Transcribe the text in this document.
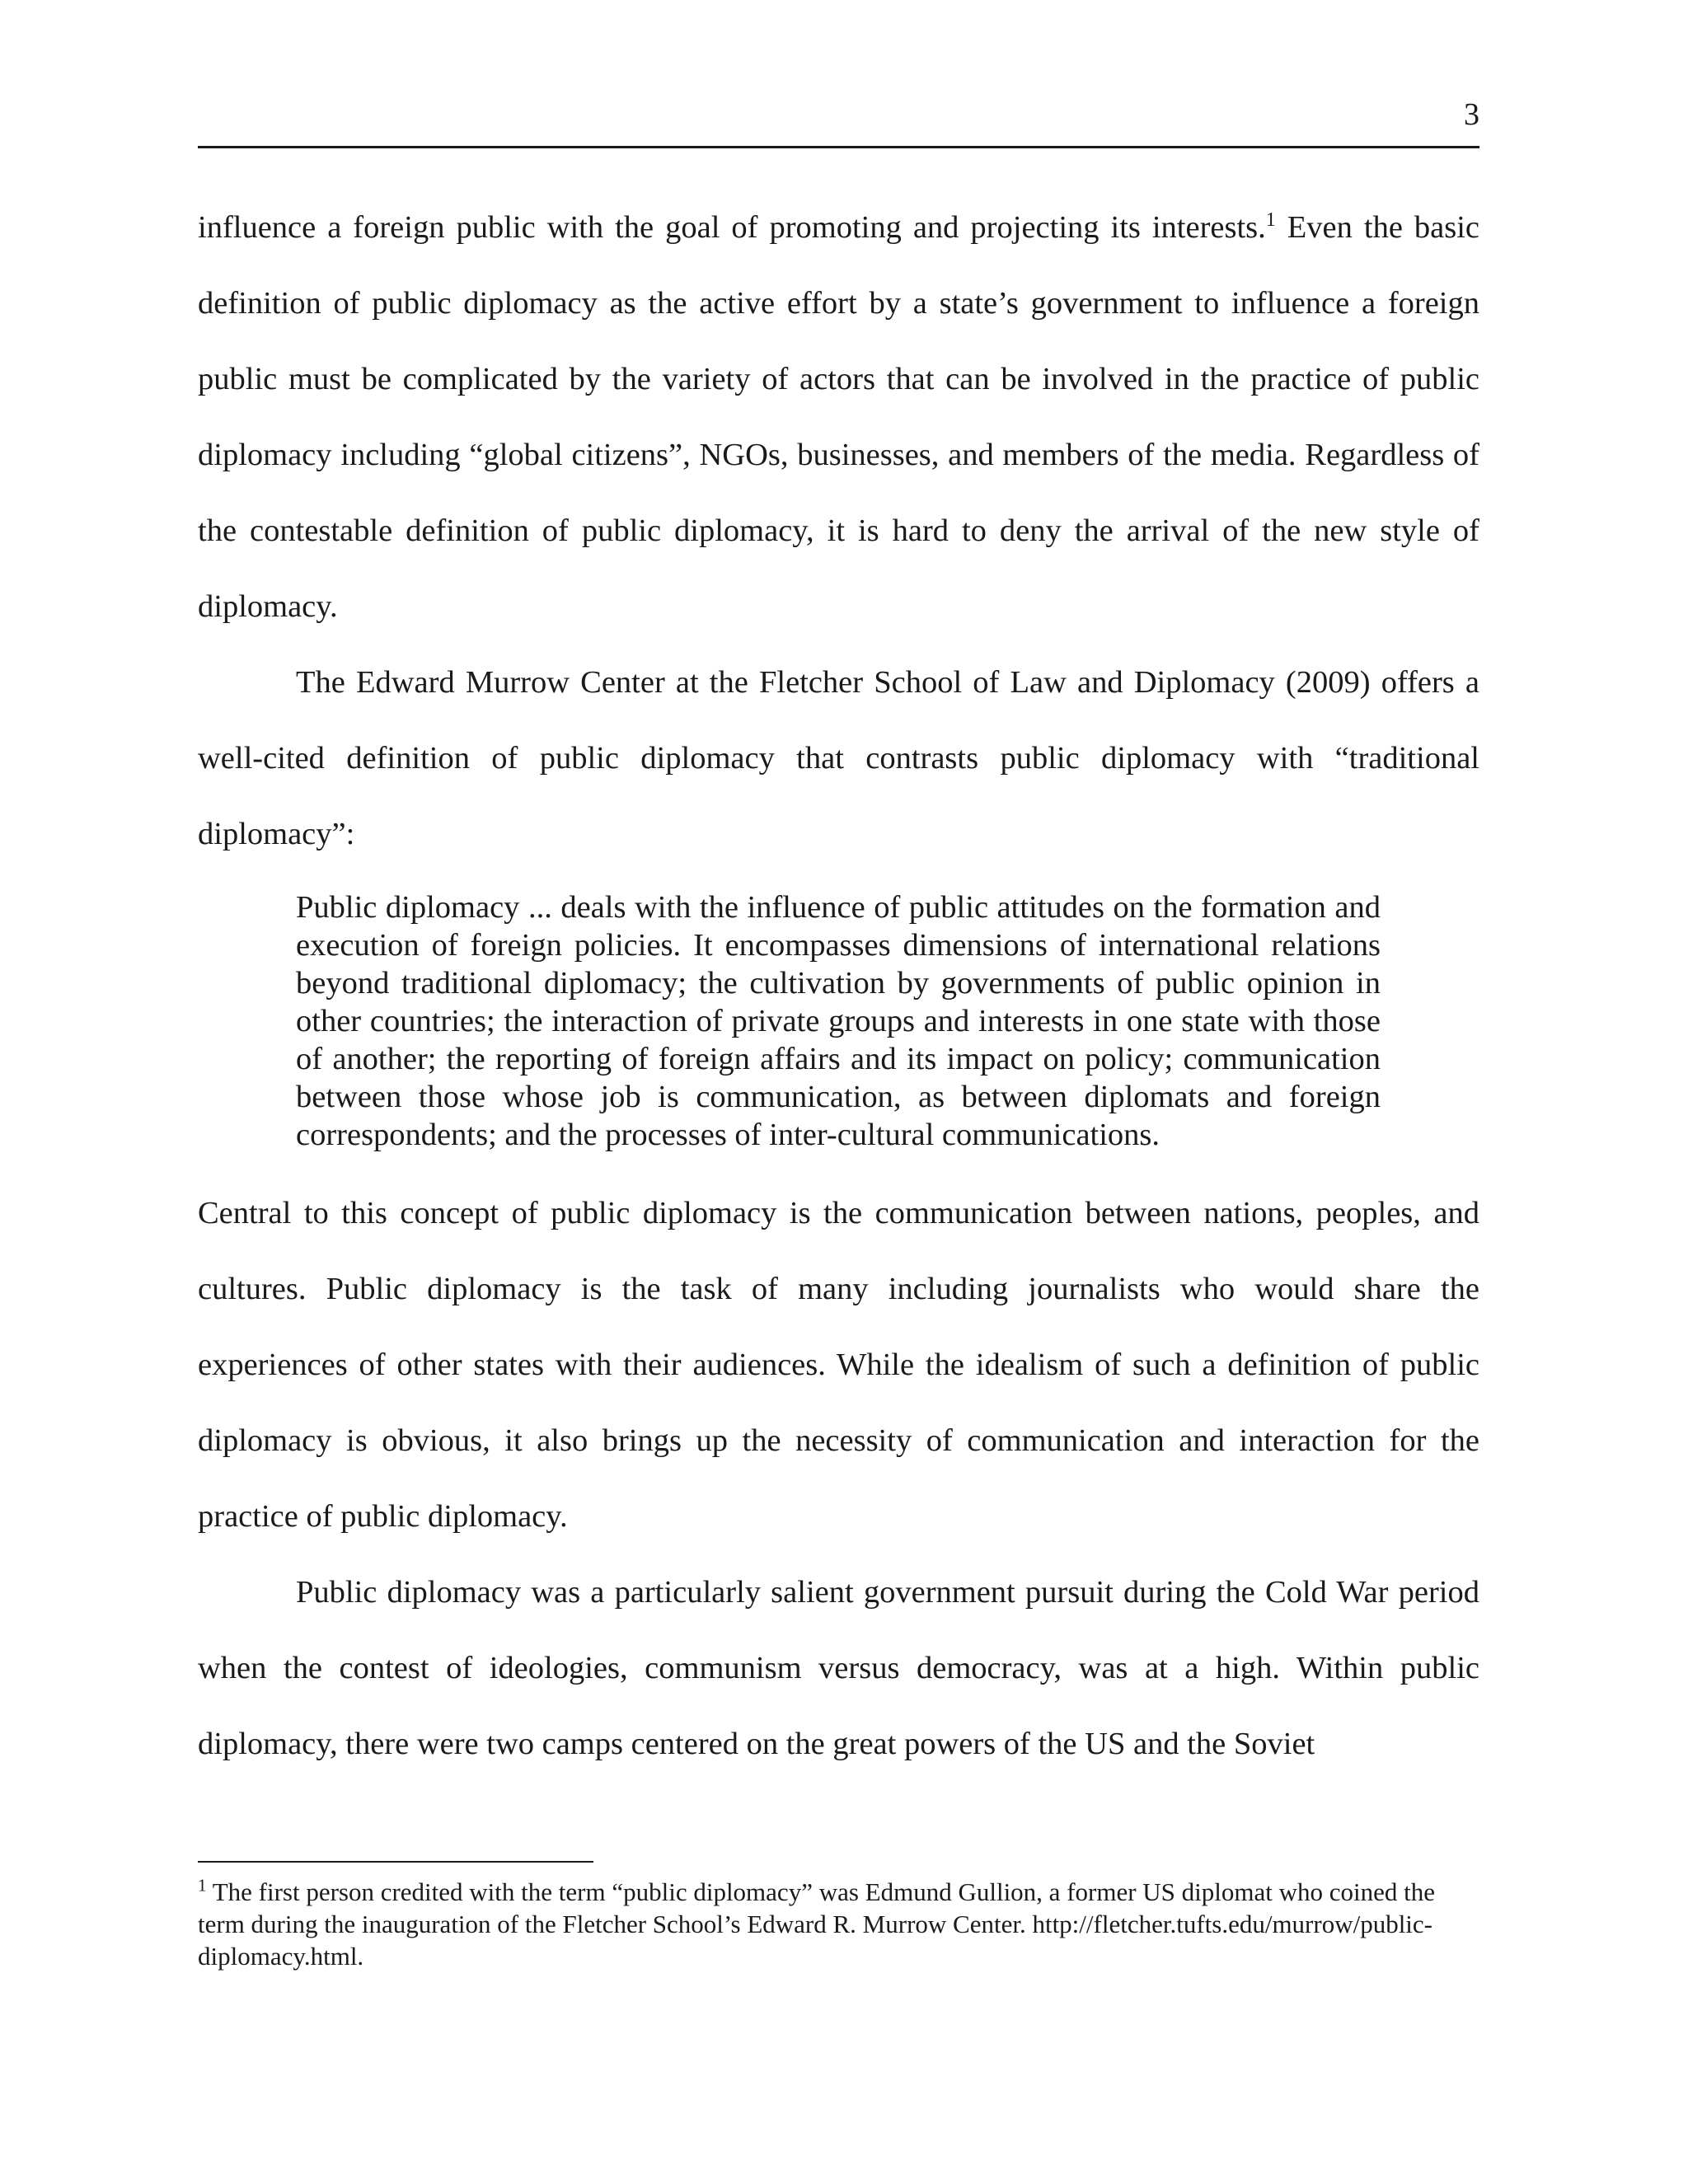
3

influence a foreign public with the goal of promoting and projecting its interests.$^1$ Even the basic definition of public diplomacy as the active effort by a state’s government to influence a foreign public must be complicated by the variety of actors that can be involved in the practice of public diplomacy including “global citizens”, NGOs, businesses, and members of the media. Regardless of the contestable definition of public diplomacy, it is hard to deny the arrival of the new style of diplomacy.

The Edward Murrow Center at the Fletcher School of Law and Diplomacy (2009) offers a well-cited definition of public diplomacy that contrasts public diplomacy with “traditional diplomacy”:

Public diplomacy ... deals with the influence of public attitudes on the formation and execution of foreign policies. It encompasses dimensions of international relations beyond traditional diplomacy; the cultivation by governments of public opinion in other countries; the interaction of private groups and interests in one state with those of another; the reporting of foreign affairs and its impact on policy; communication between those whose job is communication, as between diplomats and foreign correspondents; and the processes of inter-cultural communications.

Central to this concept of public diplomacy is the communication between nations, peoples, and cultures. Public diplomacy is the task of many including journalists who would share the experiences of other states with their audiences. While the idealism of such a definition of public diplomacy is obvious, it also brings up the necessity of communication and interaction for the practice of public diplomacy.

Public diplomacy was a particularly salient government pursuit during the Cold War period when the contest of ideologies, communism versus democracy, was at a high. Within public diplomacy, there were two camps centered on the great powers of the US and the Soviet

$^1$ The first person credited with the term “public diplomacy” was Edmund Gullion, a former US diplomat who coined the term during the inauguration of the Fletcher School’s Edward R. Murrow Center. http://fletcher.tufts.edu/murrow/public-diplomacy.html.
